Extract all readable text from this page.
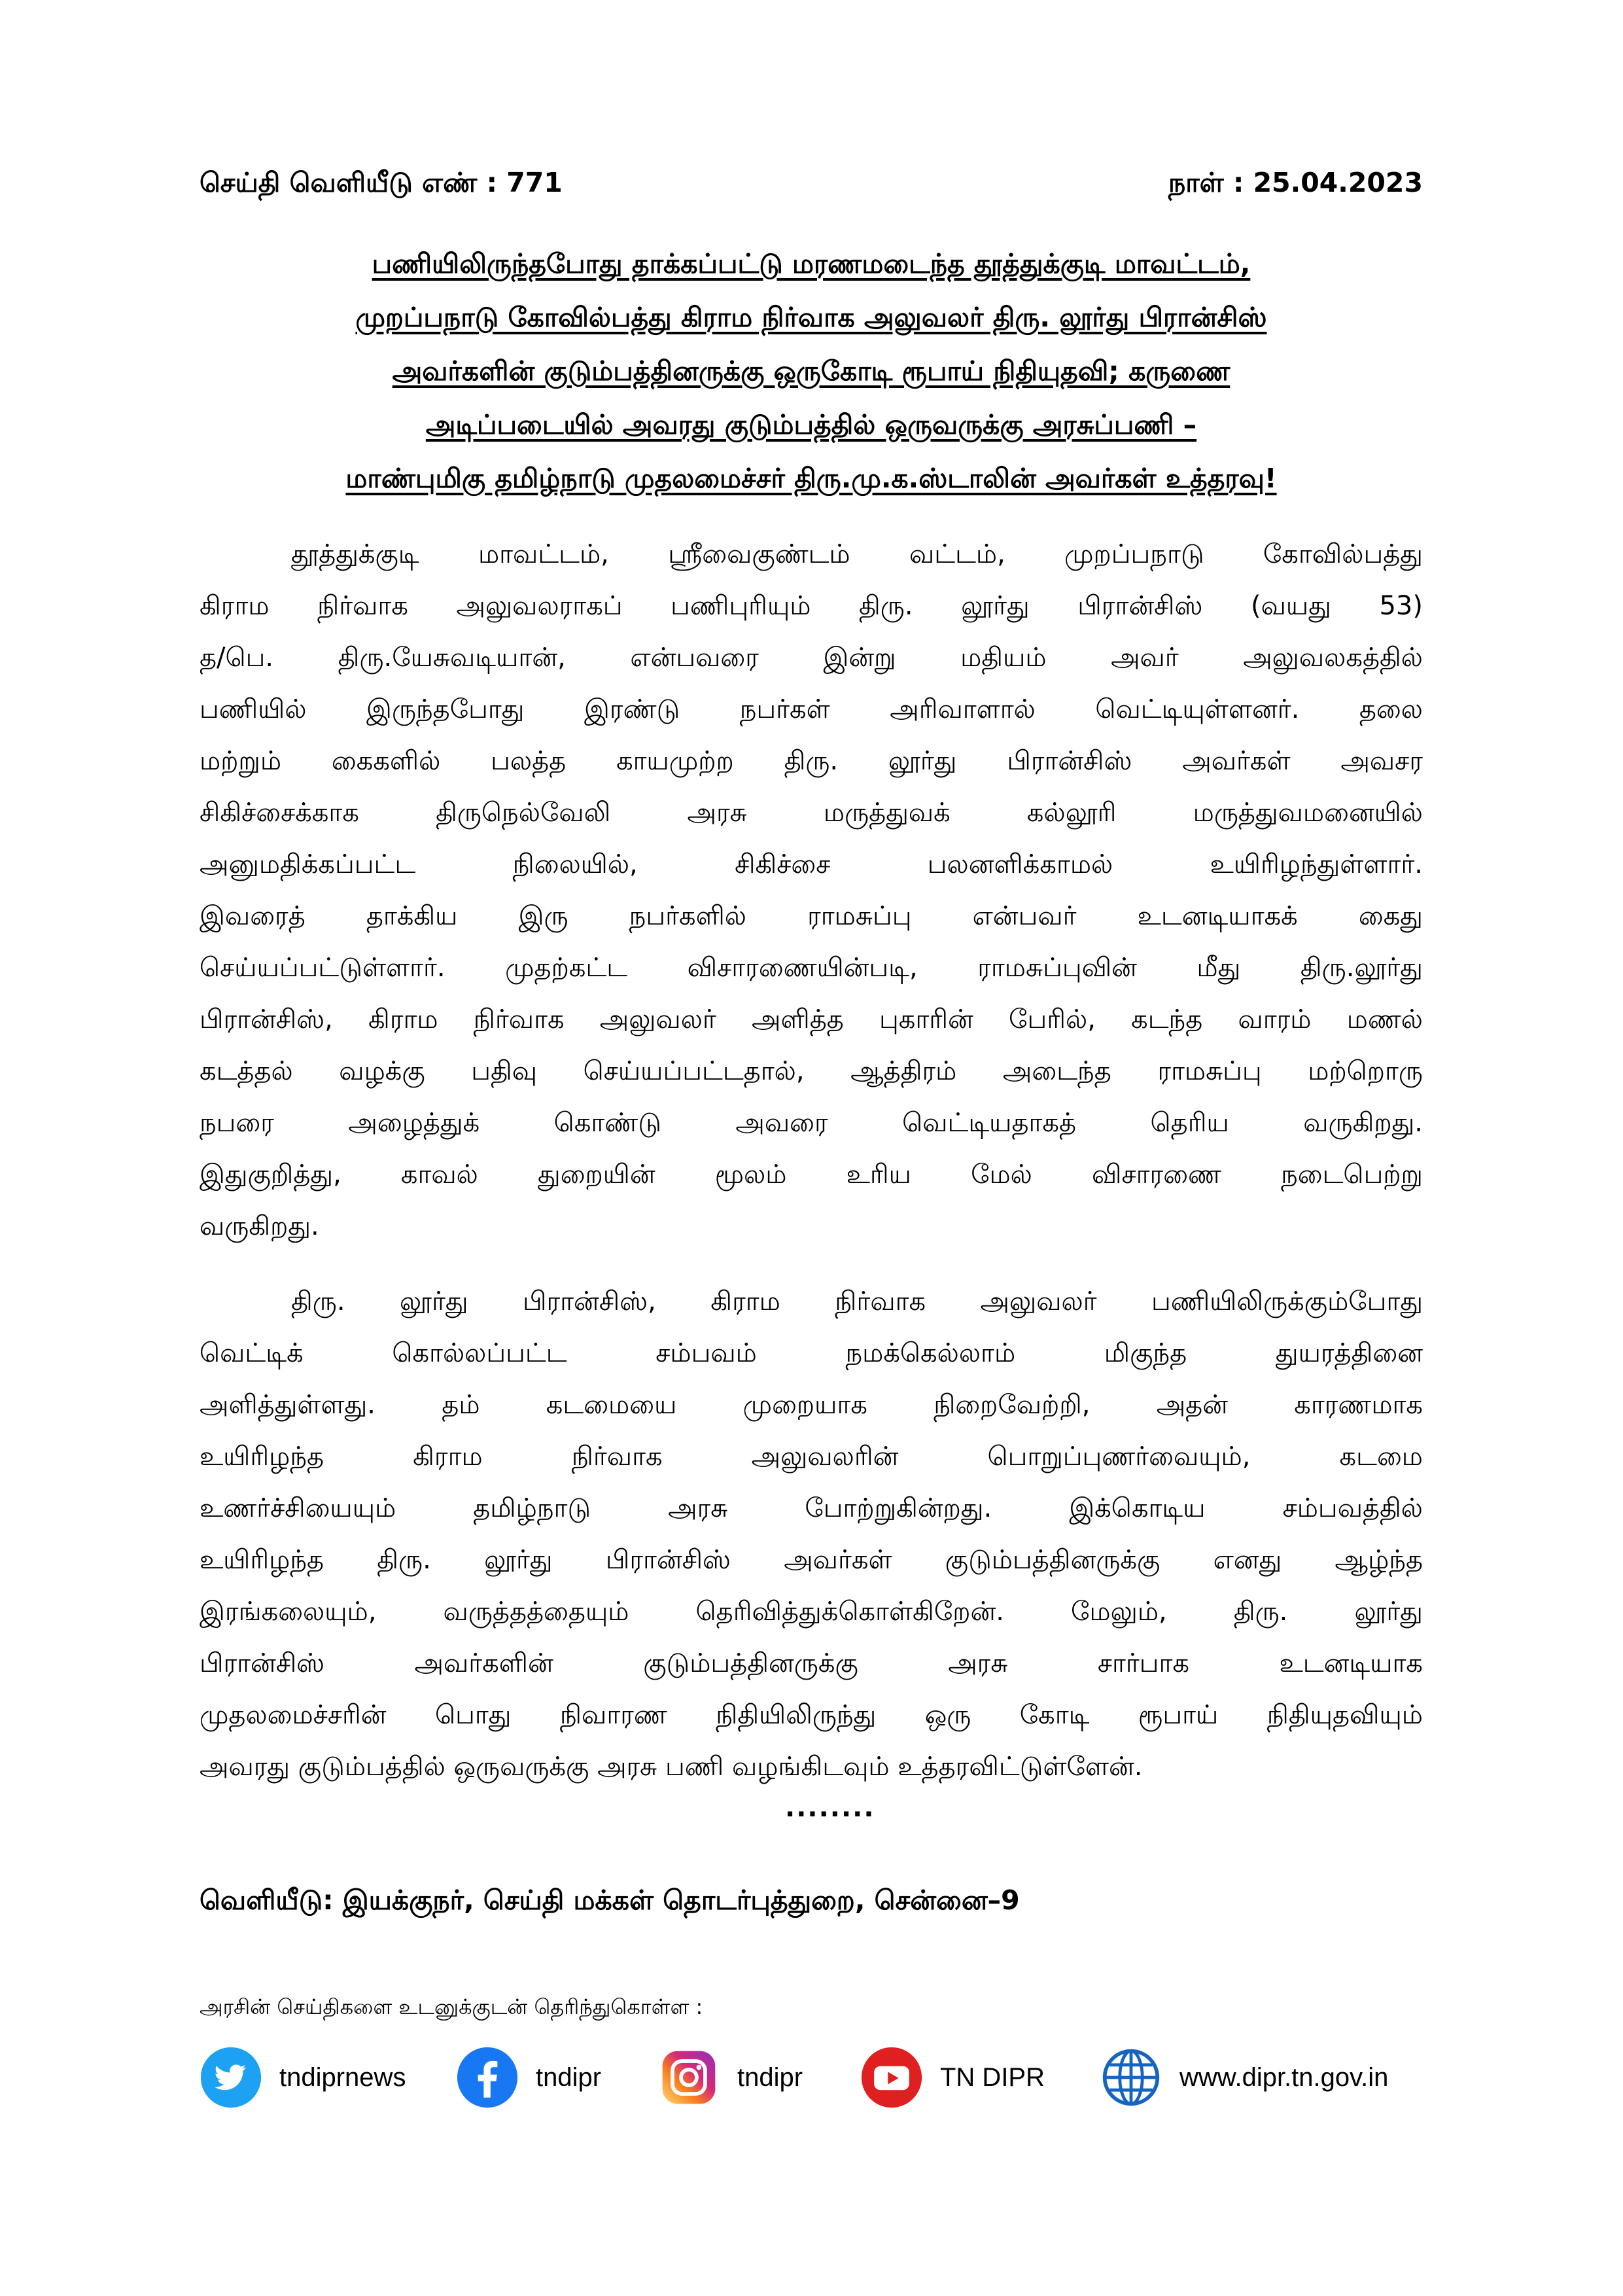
செய்தி வெளியீடு எண் : 771	நாள் : 25.04.2023
பணியிலிருந்தபோது தாக்கப்பட்டு மரணமடைந்த தூத்துக்குடி மாவட்டம்,
முறப்பநாடு கோவில்பத்து கிராம நிர்வாக அலுவலர் திரு. லூர்து பிரான்சிஸ்
அவர்களின் குடும்பத்தினருக்கு ஒருகோடி ரூபாய் நிதியுதவி; கருணை
அடிப்படையில் அவரது குடும்பத்தில் ஒருவருக்கு அரசுப்பணி –
மாண்புமிகு தமிழ்நாடு முதலமைச்சர் திரு.மு.க.ஸ்டாலின் அவர்கள் உத்தரவு!
தூத்துக்குடி மாவட்டம், ஸ்ரீவைகுண்டம் வட்டம், முறப்பநாடு கோவில்பத்து
கிராம நிர்வாக அலுவலராகப் பணிபுரியும் திரு. லூர்து பிரான்சிஸ் (வயது 53)
த/பெ. திரு.யேசுவடியான், என்பவரை இன்று மதியம் அவர் அலுவலகத்தில்
பணியில் இருந்தபோது இரண்டு நபர்கள் அரிவாளால் வெட்டியுள்ளனர். தலை
மற்றும் கைகளில் பலத்த காயமுற்ற திரு. லூர்து பிரான்சிஸ் அவர்கள் அவசர
சிகிச்சைக்காக திருநெல்வேலி அரசு மருத்துவக் கல்லூரி மருத்துவமனையில்
அனுமதிக்கப்பட்ட நிலையில், சிகிச்சை பலனளிக்காமல் உயிரிழந்துள்ளார்.
இவரைத் தாக்கிய இரு நபர்களில் ராமசுப்பு என்பவர் உடனடியாகக் கைது
செய்யப்பட்டுள்ளார். முதற்கட்ட விசாரணையின்படி, ராமசுப்புவின் மீது திரு.லூர்து
பிரான்சிஸ், கிராம நிர்வாக அலுவலர் அளித்த புகாரின் பேரில், கடந்த வாரம் மணல்
கடத்தல் வழக்கு பதிவு செய்யப்பட்டதால், ஆத்திரம் அடைந்த ராமசுப்பு மற்றொரு
நபரை அழைத்துக் கொண்டு அவரை வெட்டியதாகத் தெரிய வருகிறது.
இதுகுறித்து, காவல் துறையின் மூலம் உரிய மேல் விசாரணை நடைபெற்று
வருகிறது.
திரு. லூர்து பிரான்சிஸ், கிராம நிர்வாக அலுவலர் பணியிலிருக்கும்போது
வெட்டிக் கொல்லப்பட்ட சம்பவம் நமக்கெல்லாம் மிகுந்த துயரத்தினை
அளித்துள்ளது. தம் கடமையை முறையாக நிறைவேற்றி, அதன் காரணமாக
உயிரிழந்த கிராம நிர்வாக அலுவலரின் பொறுப்புணர்வையும், கடமை
உணர்ச்சியையும் தமிழ்நாடு அரசு போற்றுகின்றது. இக்கொடிய சம்பவத்தில்
உயிரிழந்த திரு. லூர்து பிரான்சிஸ் அவர்கள் குடும்பத்தினருக்கு எனது ஆழ்ந்த
இரங்கலையும், வருத்தத்தையும் தெரிவித்துக்கொள்கிறேன். மேலும், திரு. லூர்து
பிரான்சிஸ் அவர்களின் குடும்பத்தினருக்கு அரசு சார்பாக உடனடியாக
முதலமைச்சரின் பொது நிவாரண நிதியிலிருந்து ஒரு கோடி ரூபாய் நிதியுதவியும்
அவரது குடும்பத்தில் ஒருவருக்கு அரசு பணி வழங்கிடவும் உத்தரவிட்டுள்ளேன்.
........
வெளியீடு: இயக்குநர், செய்தி மக்கள் தொடர்புத்துறை, சென்னை–9
அரசின் செய்திகளை உடனுக்குடன் தெரிந்துகொள்ள :
tndiprnews	tndipr	tndipr	TN DIPR	www.dipr.tn.gov.in
